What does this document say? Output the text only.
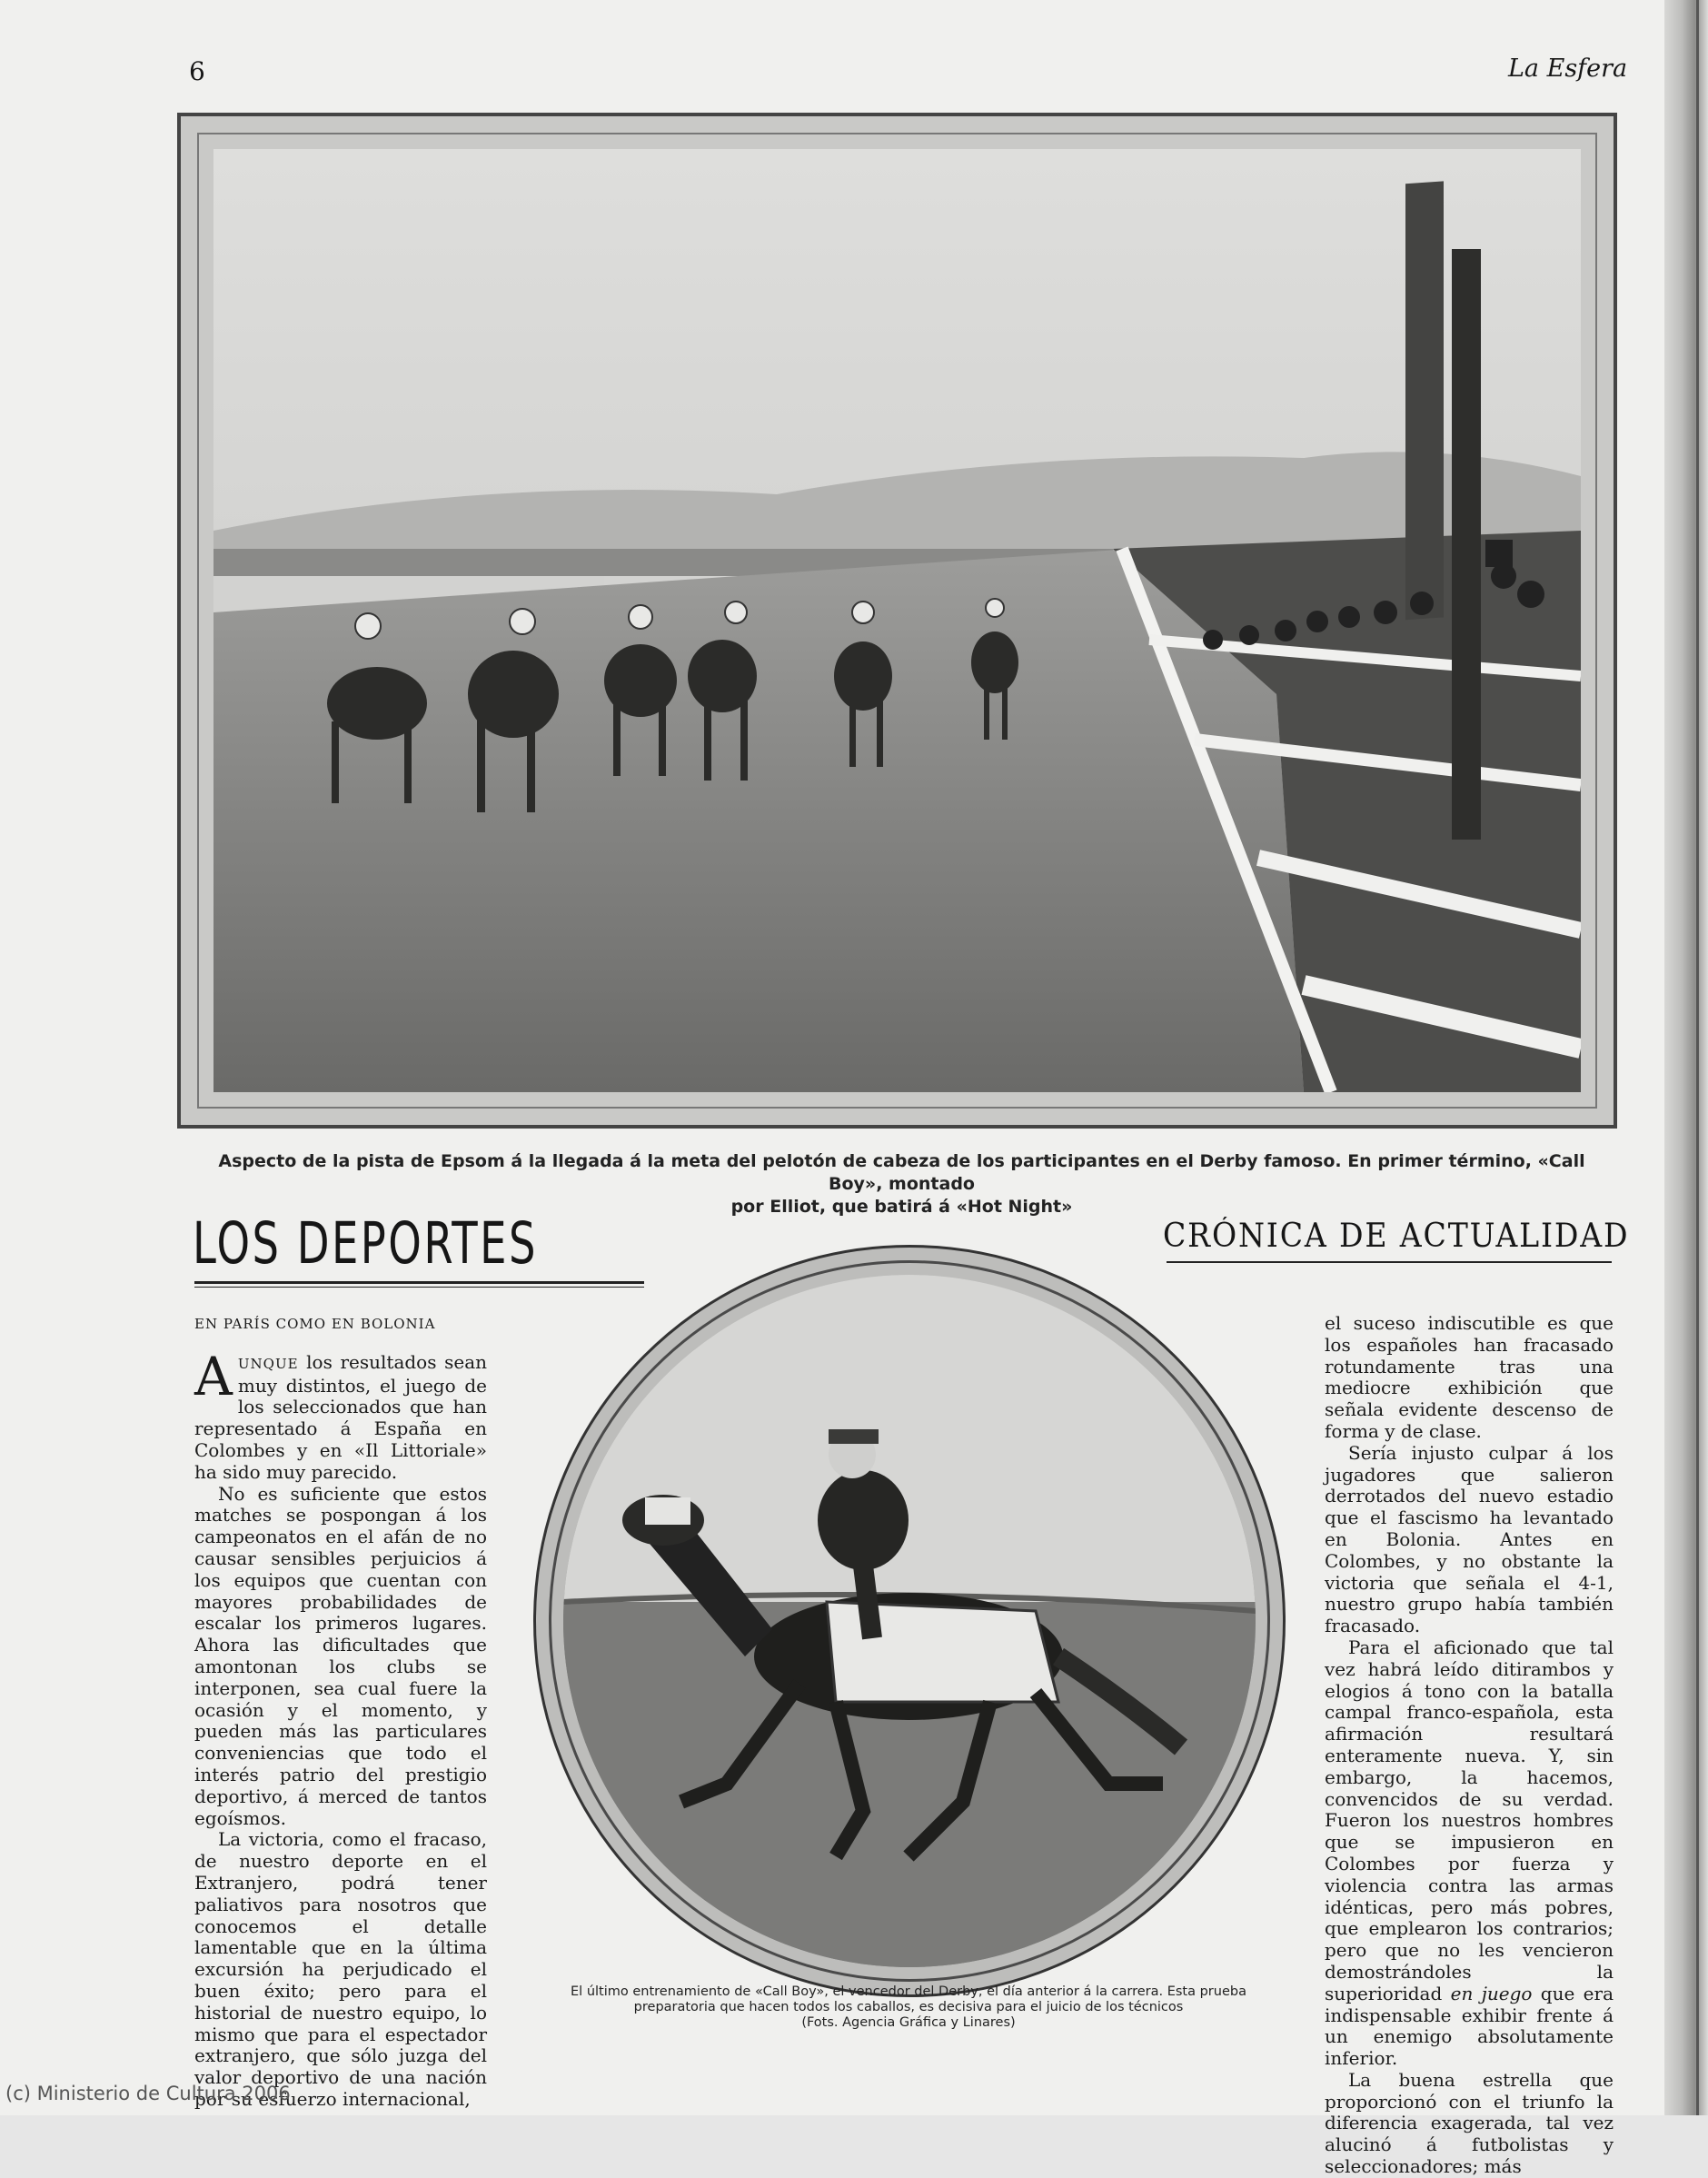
6	La Esfera
Aspecto de la pista de Epsom á la llegada á la meta del pelotón de cabeza de los participantes en el Derby famoso. En primer término, «Call Boy», montado
por Elliot, que batirá á «Hot Night»
LOS DEPORTES	CRÓNICA DE ACTUALIDAD

EN PARÍS COMO EN BOLONIA

AUNQUE los resultados sean muy distintos, el juego de los seleccionados que han representado á España en Colombes y en «Il Littoriale» ha sido muy parecido.

No es suficiente que estos matches se pospongan á los campeonatos en el afán de no causar sensibles perjuicios á los equipos que cuentan con mayores probabilidades de escalar los primeros lugares. Ahora las dificultades que amontonan los clubs se interponen, sea cual fuere la ocasión y el momento, y pueden más las particulares conveniencias que todo el interés patrio del prestigio deportivo, á merced de tantos egoísmos.

La victoria, como el fracaso, de nuestro deporte en el Extranjero, podrá tener paliativos para nosotros que conocemos el detalle lamentable que en la última excursión ha perjudicado el buen éxito; pero para el historial de nuestro equipo, lo mismo que para el espectador extranjero, que sólo juzga del valor deportivo de una nación por su esfuerzo internacional,

El último entrenamiento de «Call Boy», el vencedor del Derby, el día anterior á la carrera. Esta prueba
preparatoria que hacen todos los caballos, es decisiva para el juicio de los técnicos
(Fots. Agencia Gráfica y Linares)

el suceso indiscutible es que los españoles han fracasado rotundamente tras una mediocre exhibición que señala evidente descenso de forma y de clase.

Sería injusto culpar á los jugadores que salieron derrotados del nuevo estadio que el fascismo ha levantado en Bolonia. Antes en Colombes, y no obstante la victoria que señala el 4-1, nuestro grupo había también fracasado.

Para el aficionado que tal vez habrá leído ditirambos y elogios á tono con la batalla campal franco-española, esta afirmación resultará enteramente nueva. Y, sin embargo, la hacemos, convencidos de su verdad. Fueron los nuestros hombres que se impusieron en Colombes por fuerza y violencia contra las armas idénticas, pero más pobres, que emplearon los contrarios; pero que no les vencieron demostrándoles la superioridad en juego que era indispensable exhibir frente á un enemigo absolutamente inferior.

La buena estrella que proporcionó con el triunfo la diferencia exagerada, tal vez alucinó á futbolistas y seleccionadores; más

(c) Ministerio de Cultura 2006
